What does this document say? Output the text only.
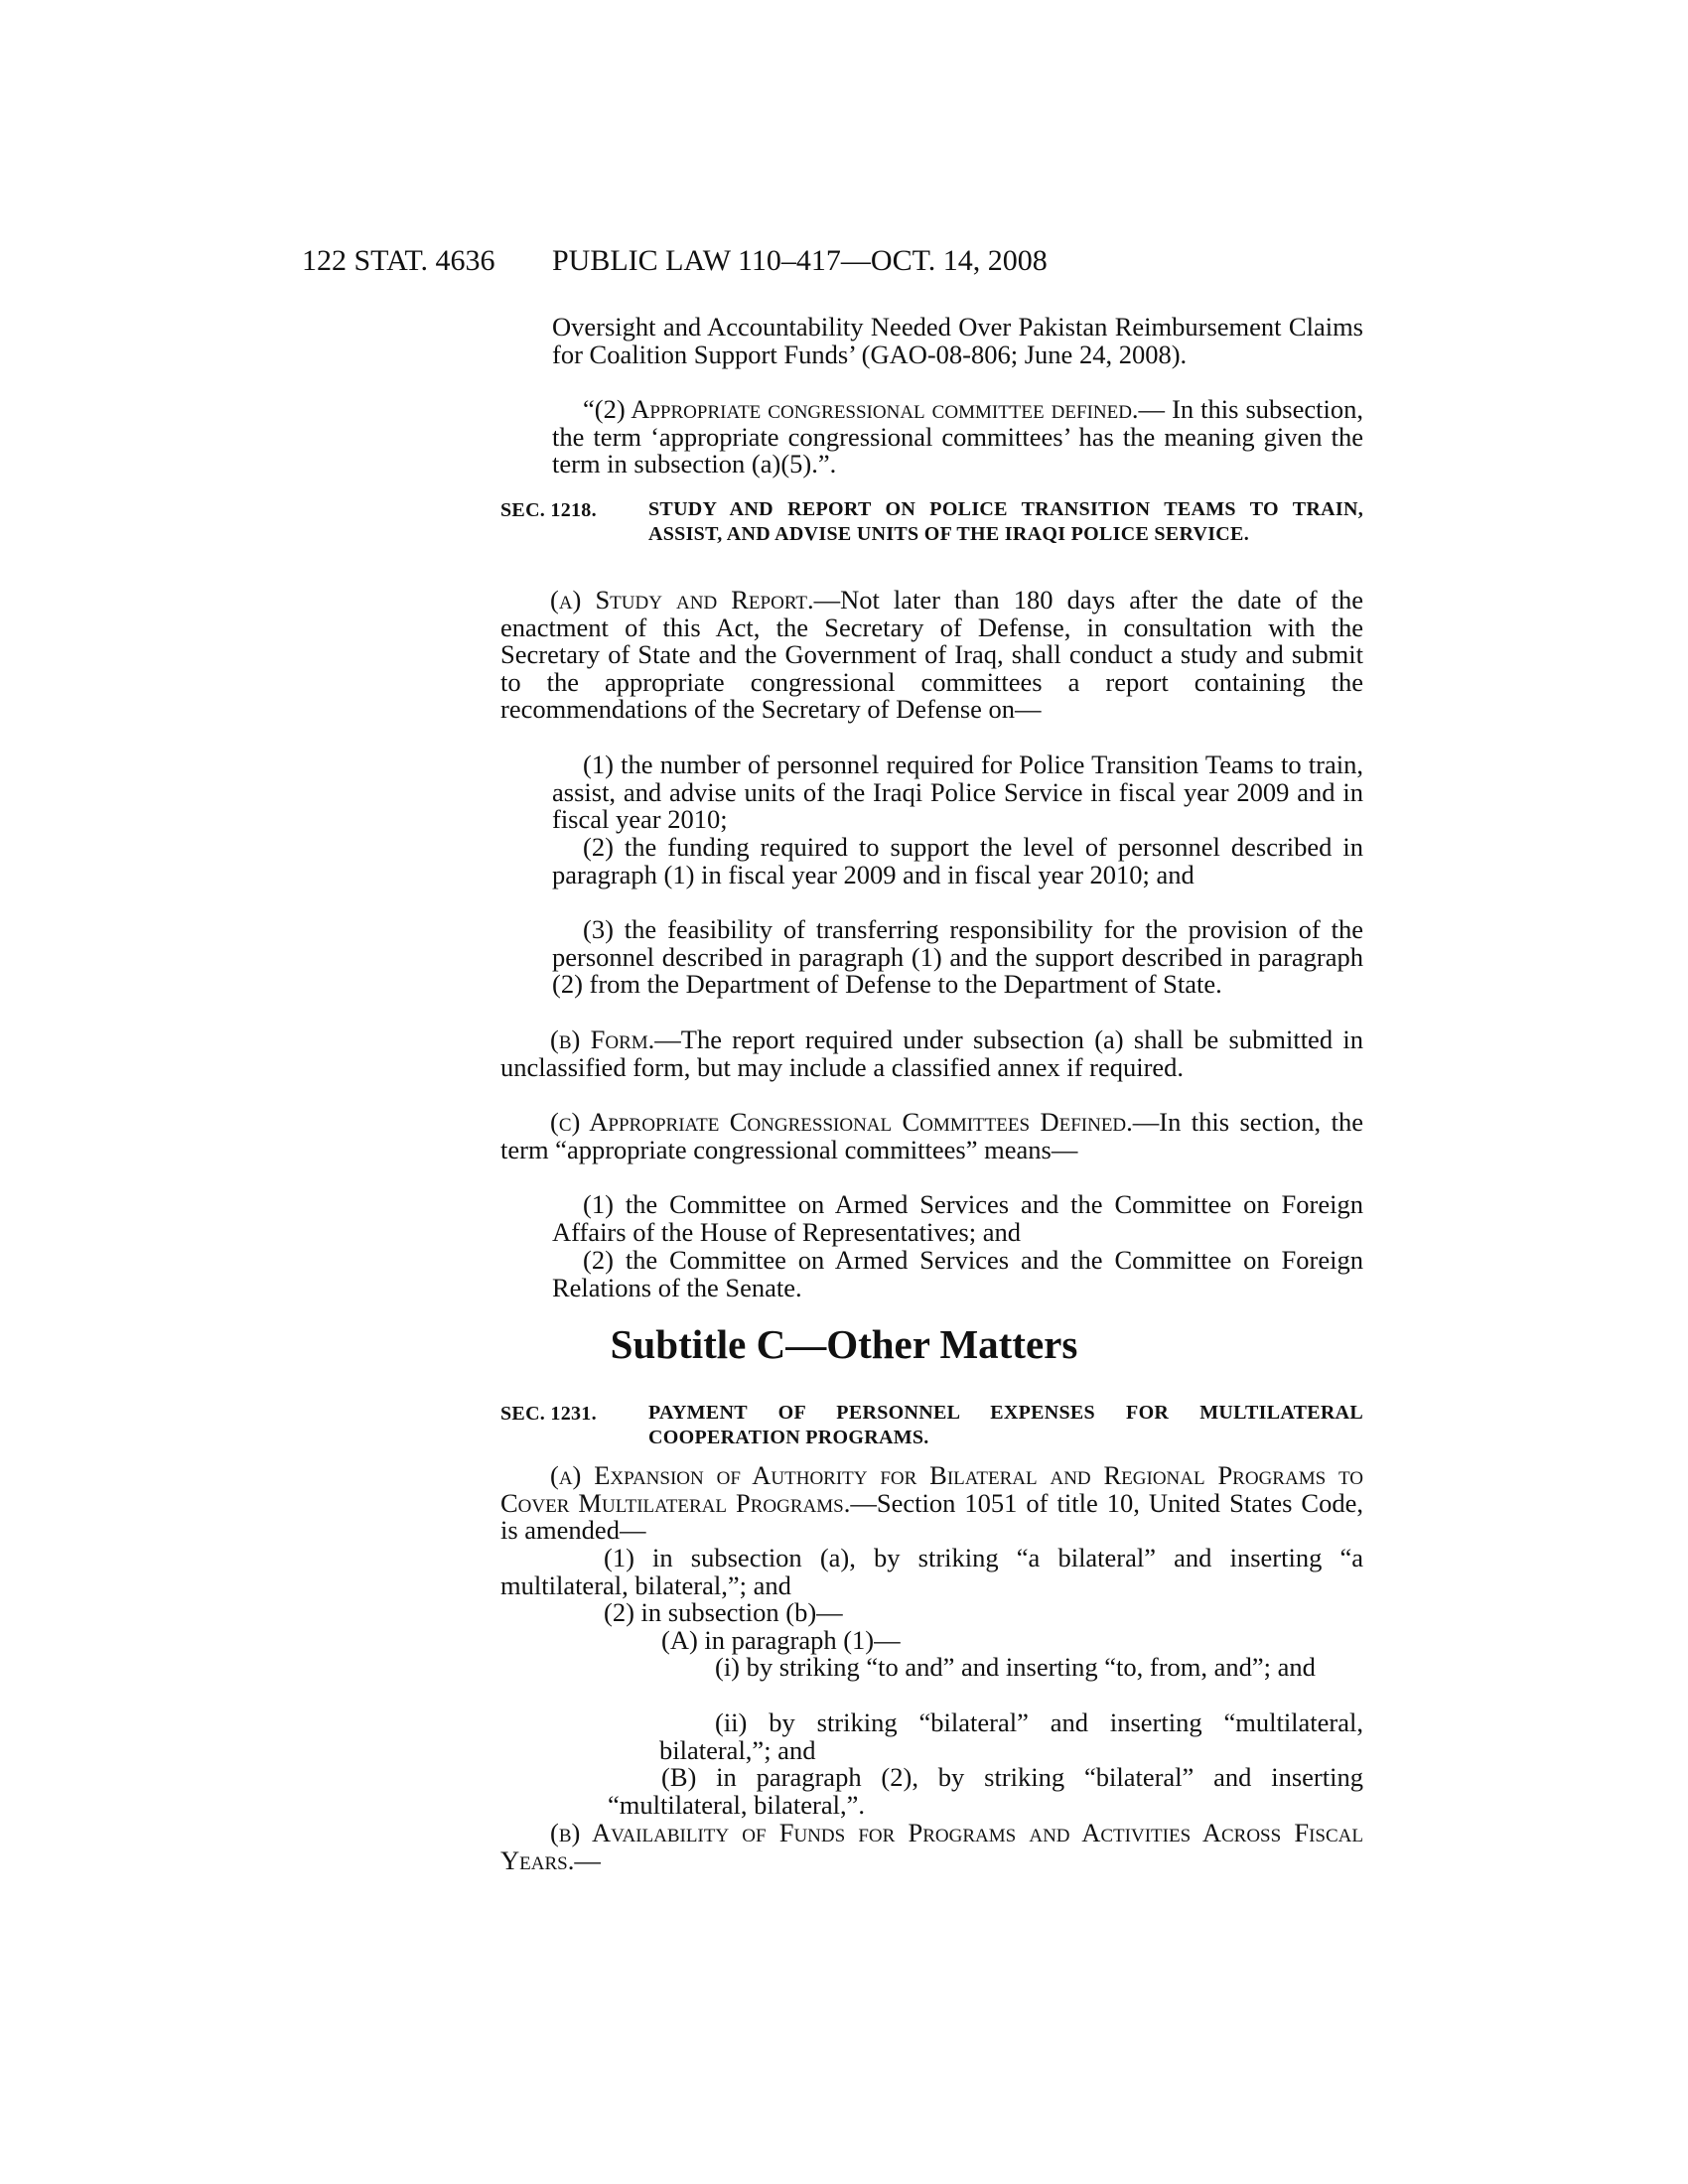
122 STAT. 4636 PUBLIC LAW 110–417—OCT. 14, 2008

Oversight and Accountability Needed Over Pakistan Reimbursement Claims for Coalition Support Funds’ (GAO-08-806; June 24, 2008).

“(2) Appropriate congressional committee defined.— In this subsection, the term ‘appropriate congressional committees’ has the meaning given the term in subsection (a)(5).”.

SEC. 1218.	STUDY AND REPORT ON POLICE TRANSITION TEAMS TO TRAIN, ASSIST, AND ADVISE UNITS OF THE IRAQI POLICE SERVICE.

(a) Study and Report.—Not later than 180 days after the date of the enactment of this Act, the Secretary of Defense, in consultation with the Secretary of State and the Government of Iraq, shall conduct a study and submit to the appropriate congressional committees a report containing the recommendations of the Secretary of Defense on—

(1) the number of personnel required for Police Transition Teams to train, assist, and advise units of the Iraqi Police Service in fiscal year 2009 and in fiscal year 2010;

(2) the funding required to support the level of personnel described in paragraph (1) in fiscal year 2009 and in fiscal year 2010; and

(3) the feasibility of transferring responsibility for the provision of the personnel described in paragraph (1) and the support described in paragraph (2) from the Department of Defense to the Department of State.

(b) Form.—The report required under subsection (a) shall be submitted in unclassified form, but may include a classified annex if required.

(c) Appropriate Congressional Committees Defined.—In this section, the term “appropriate congressional committees” means—

(1) the Committee on Armed Services and the Committee on Foreign Affairs of the House of Representatives; and

(2) the Committee on Armed Services and the Committee on Foreign Relations of the Senate.

Subtitle C—Other Matters
SEC. 1231.	PAYMENT OF PERSONNEL EXPENSES FOR MULTILATERAL COOPERATION PROGRAMS.

(a) Expansion of Authority for Bilateral and Regional Programs to Cover Multilateral Programs.—Section 1051 of title 10, United States Code, is amended—

(1) in subsection (a), by striking “a bilateral” and inserting “a multilateral, bilateral,”; and

(2) in subsection (b)—

(A) in paragraph (1)—

(i) by striking “to and” and inserting “to, from, and”; and

(ii) by striking “bilateral” and inserting “multilateral, bilateral,”; and

(B) in paragraph (2), by striking “bilateral” and inserting “multilateral, bilateral,”.

(b) Availability of Funds for Programs and Activities Across Fiscal Years.—
